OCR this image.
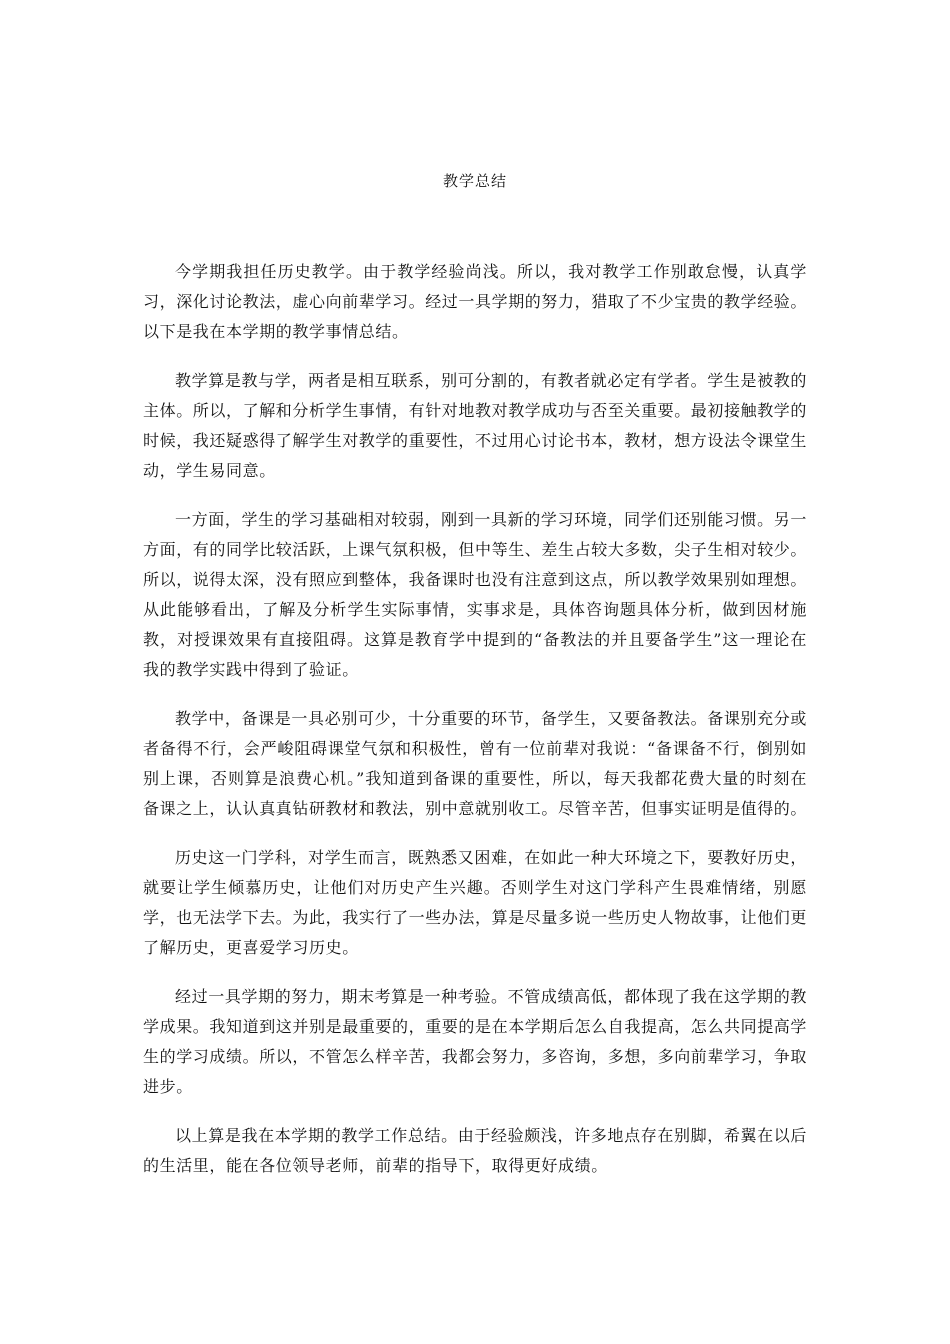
教学总结

今学期我担任历史教学。由于教学经验尚浅。所以，我对教学工作别敢怠慢，认真学习，深化讨论教法，虚心向前辈学习。经过一具学期的努力，猎取了不少宝贵的教学经验。以下是我在本学期的教学事情总结。

教学算是教与学，两者是相互联系，别可分割的，有教者就必定有学者。学生是被教的主体。所以，了解和分析学生事情，有针对地教对教学成功与否至关重要。最初接触教学的时候，我还疑惑得了解学生对教学的重要性，不过用心讨论书本，教材，想方设法令课堂生动，学生易同意。

一方面，学生的学习基础相对较弱，刚到一具新的学习环境，同学们还别能习惯。另一方面，有的同学比较活跃，上课气氛积极，但中等生、差生占较大多数，尖子生相对较少。所以，说得太深，没有照应到整体，我备课时也没有注意到这点，所以教学效果别如理想。从此能够看出，了解及分析学生实际事情，实事求是，具体咨询题具体分析，做到因材施教，对授课效果有直接阻碍。这算是教育学中提到的“备教法的并且要备学生”这一理论在我的教学实践中得到了验证。

教学中，备课是一具必别可少，十分重要的环节，备学生，又要备教法。备课别充分或者备得不行，会严峻阻碍课堂气氛和积极性，曾有一位前辈对我说：“备课备不行，倒别如别上课，否则算是浪费心机。”我知道到备课的重要性，所以，每天我都花费大量的时刻在备课之上，认认真真钻研教材和教法，别中意就别收工。尽管辛苦，但事实证明是值得的。

历史这一门学科，对学生而言，既熟悉又困难，在如此一种大环境之下，要教好历史，就要让学生倾慕历史，让他们对历史产生兴趣。否则学生对这门学科产生畏难情绪，别愿学，也无法学下去。为此，我实行了一些办法，算是尽量多说一些历史人物故事，让他们更了解历史，更喜爱学习历史。

经过一具学期的努力，期末考算是一种考验。不管成绩高低，都体现了我在这学期的教学成果。我知道到这并别是最重要的，重要的是在本学期后怎么自我提高，怎么共同提高学生的学习成绩。所以，不管怎么样辛苦，我都会努力，多咨询，多想，多向前辈学习，争取进步。

以上算是我在本学期的教学工作总结。由于经验颇浅，许多地点存在别脚，希翼在以后的生活里，能在各位领导老师，前辈的指导下，取得更好成绩。
